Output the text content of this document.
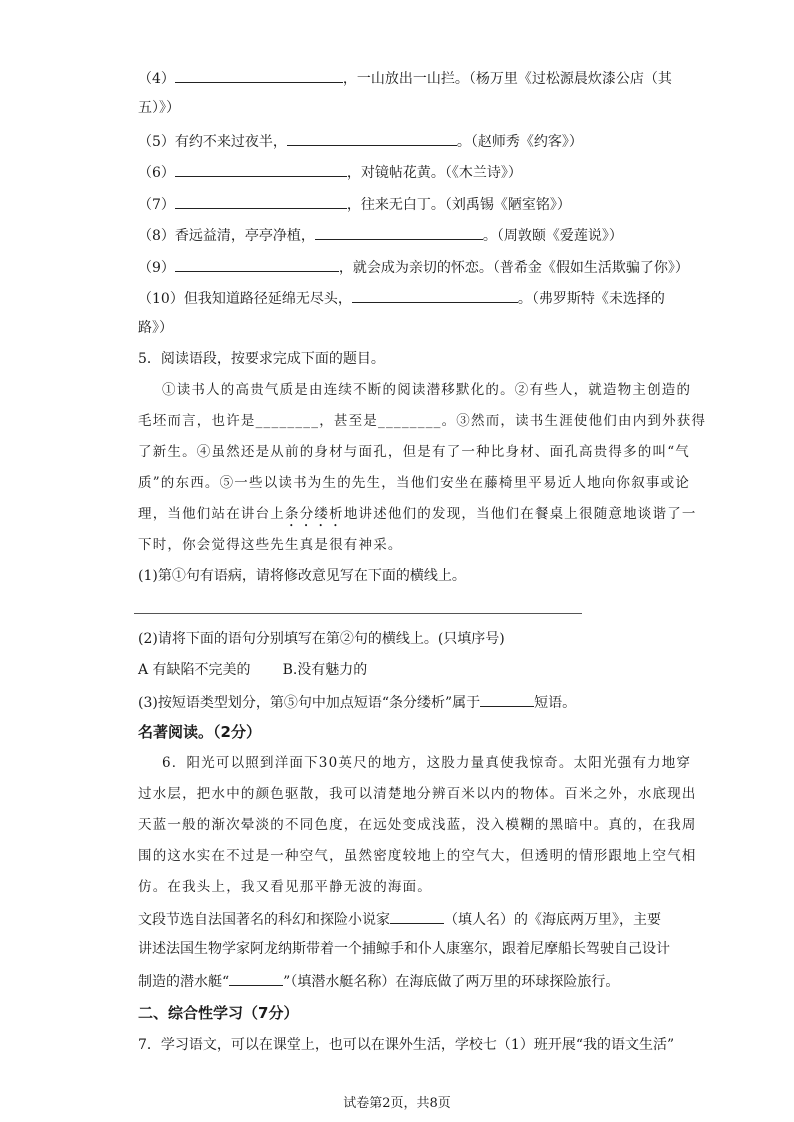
（4）	，一山放出一山拦。（杨万里《过松源晨炊漆公店（其
五）》）
（5）有约不来过夜半，	。（赵师秀《约客》）
（6）	，对镜帖花黄。（《木兰诗》）
（7）	，往来无白丁。（刘禹锡《陋室铭》）
（8）香远益清，亭亭净植，	。（周敦颐《爱莲说》）
（9）	，就会成为亲切的怀恋。（普希金《假如生活欺骗了你》）
（10）但我知道路径延绵无尽头，	。（弗罗斯特《未选择的
路》）
5．阅读语段，按要求完成下面的题目。
①读书人的高贵气质是由连续不断的阅读潜移默化的。②有些人，就造物主创造的
毛坯而言，也许是________，甚至是________。③然而，读书生涯使他们由内到外获得
了新生。④虽然还是从前的身材与面孔，但是有了一种比身材、面孔高贵得多的叫“气
质”的东西。⑤一些以读书为生的先生，当他们安坐在藤椅里平易近人地向你叙事或论
理，当他们站在讲台上条分缕析地讲述他们的发现，当他们在餐桌上很随意地谈谐了一
下时，你会觉得这些先生真是很有神采。
(1)第①句有语病，请将修改意见写在下面的横线上。
(2)请将下面的语句分别填写在第②句的横线上。(只填序号)
A 有缺陷不完美的 B.没有魅力的
(3)按短语类型划分，第⑤句中加点短语“条分缕析”属于	短语。
名著阅读。（2分）
6．阳光可以照到洋面下30英尺的地方，这股力量真使我惊奇。太阳光强有力地穿
过水层，把水中的颜色驱散，我可以清楚地分辨百米以内的物体。百米之外，水底现出
天蓝一般的渐次晕淡的不同色度，在远处变成浅蓝，没入模糊的黑暗中。真的，在我周
围的这水实在不过是一种空气，虽然密度较地上的空气大，但透明的情形跟地上空气相
仿。在我头上，我又看见那平静无波的海面。
文段节选自法国著名的科幻和探险小说家	（填人名）的《海底两万里》，主要
讲述法国生物学家阿龙纳斯带着一个捕鲸手和仆人康塞尔，跟着尼摩船长驾驶自己设计
制造的潜水艇“	”（填潜水艇名称）在海底做了两万里的环球探险旅行。
二、综合性学习（7分）
7．学习语文，可以在课堂上，也可以在课外生活，学校七（1）班开展“我的语文生活”
试卷第2页，共8页
